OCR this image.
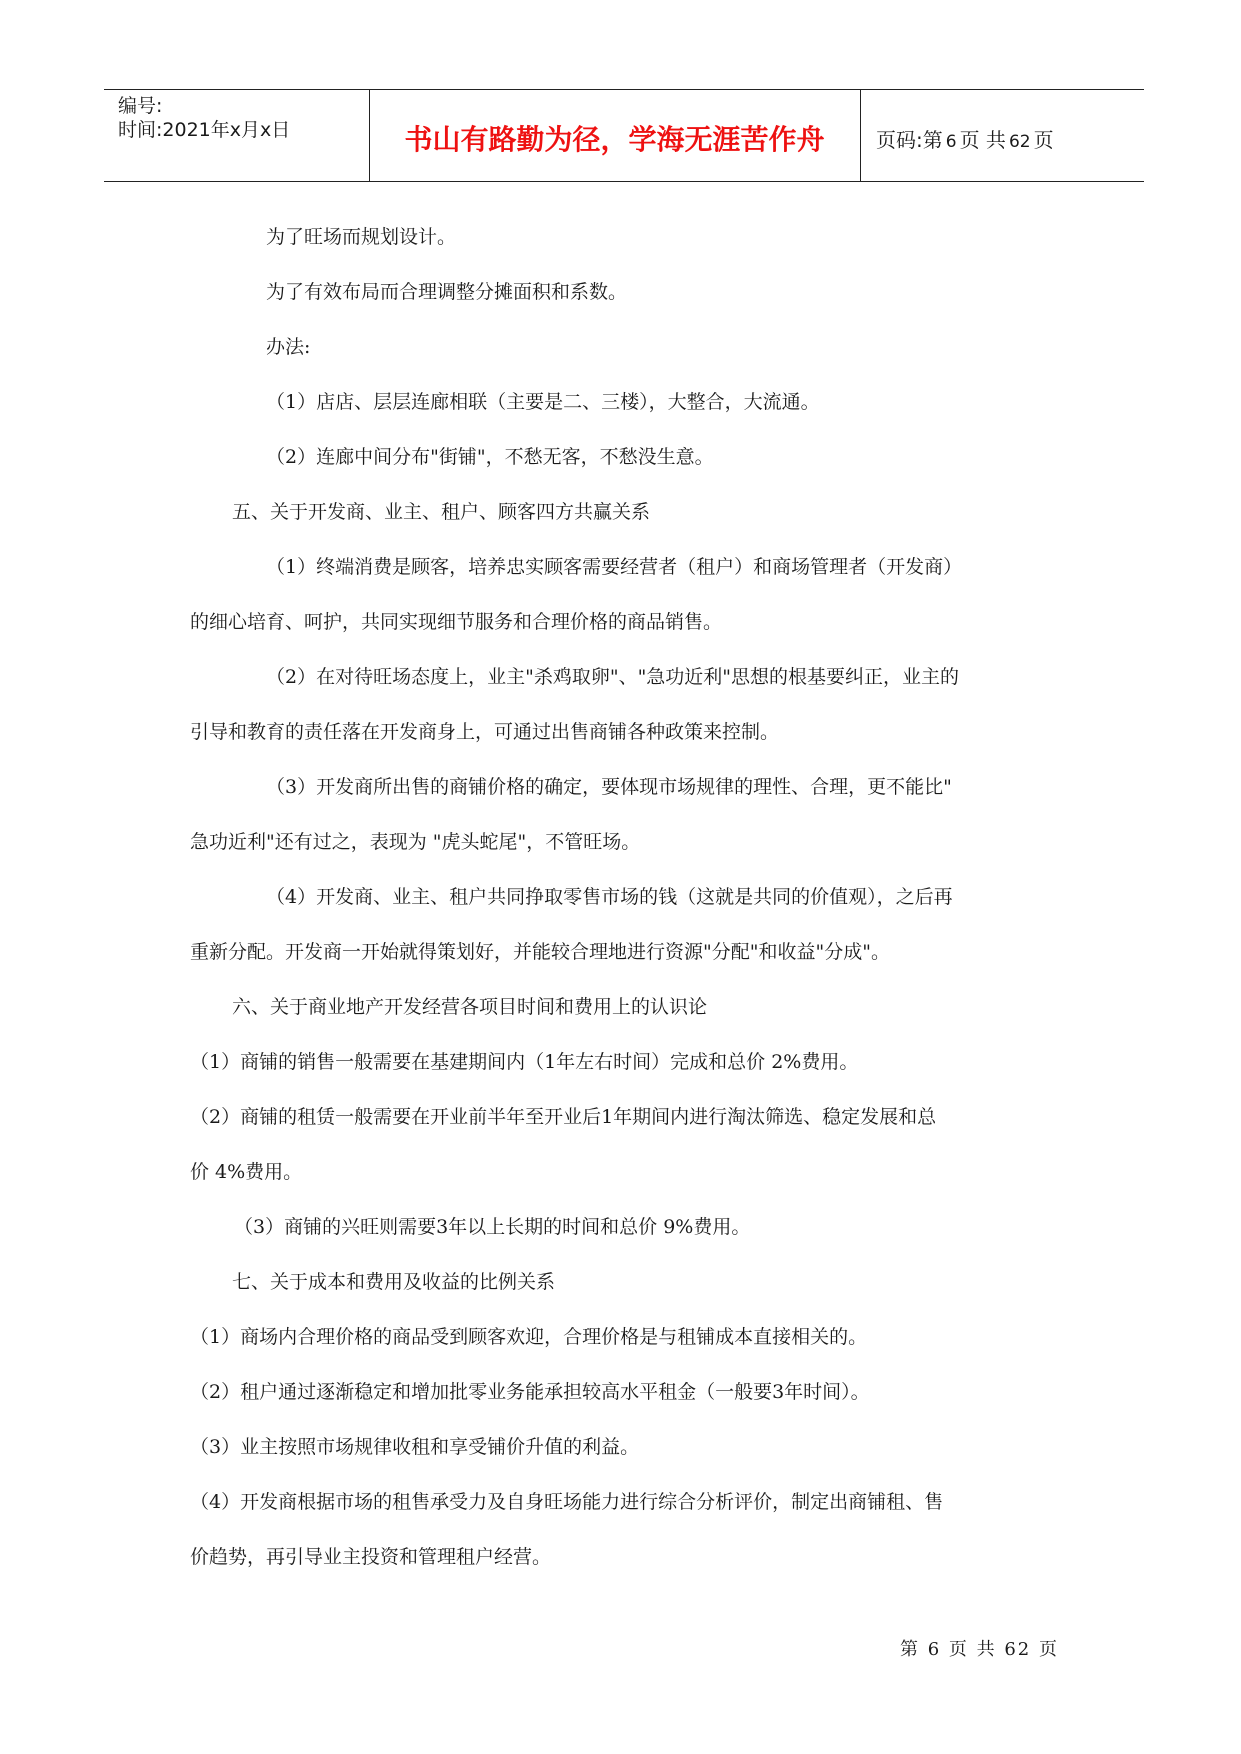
编号:
时间:2021年x月x日	书山有路勤为径，学海无涯苦作舟	页码:第 6 页 共 62 页
为了旺场而规划设计。
为了有效布局而合理调整分摊面积和系数。
办法:
（1）店店、层层连廊相联（主要是二、三楼），大整合，大流通。
（2）连廊中间分布"街铺"，不愁无客，不愁没生意。
五、关于开发商、业主、租户、顾客四方共赢关系
（1）终端消费是顾客，培养忠实顾客需要经营者（租户）和商场管理者（开发商）
的细心培育、呵护，共同实现细节服务和合理价格的商品销售。
（2）在对待旺场态度上，业主"杀鸡取卵"、"急功近利"思想的根基要纠正，业主的
引导和教育的责任落在开发商身上，可通过出售商铺各种政策来控制。
（3）开发商所出售的商铺价格的确定，要体现市场规律的理性、合理，更不能比"
急功近利"还有过之，表现为 "虎头蛇尾"，不管旺场。
（4）开发商、业主、租户共同挣取零售市场的钱（这就是共同的价值观），之后再
重新分配。开发商一开始就得策划好，并能较合理地进行资源"分配"和收益"分成"。
六、关于商业地产开发经营各项目时间和费用上的认识论
（1）商铺的销售一般需要在基建期间内（1年左右时间）完成和总价 2%费用。
（2）商铺的租赁一般需要在开业前半年至开业后1年期间内进行淘汰筛选、稳定发展和总
价 4%费用。
（3）商铺的兴旺则需要3年以上长期的时间和总价 9%费用。
七、关于成本和费用及收益的比例关系
（1）商场内合理价格的商品受到顾客欢迎，合理价格是与租铺成本直接相关的。
（2）租户通过逐渐稳定和增加批零业务能承担较高水平租金（一般要3年时间）。
（3）业主按照市场规律收租和享受铺价升值的利益。
（4）开发商根据市场的租售承受力及自身旺场能力进行综合分析评价，制定出商铺租、售
价趋势，再引导业主投资和管理租户经营。
第 6 页 共 62 页
